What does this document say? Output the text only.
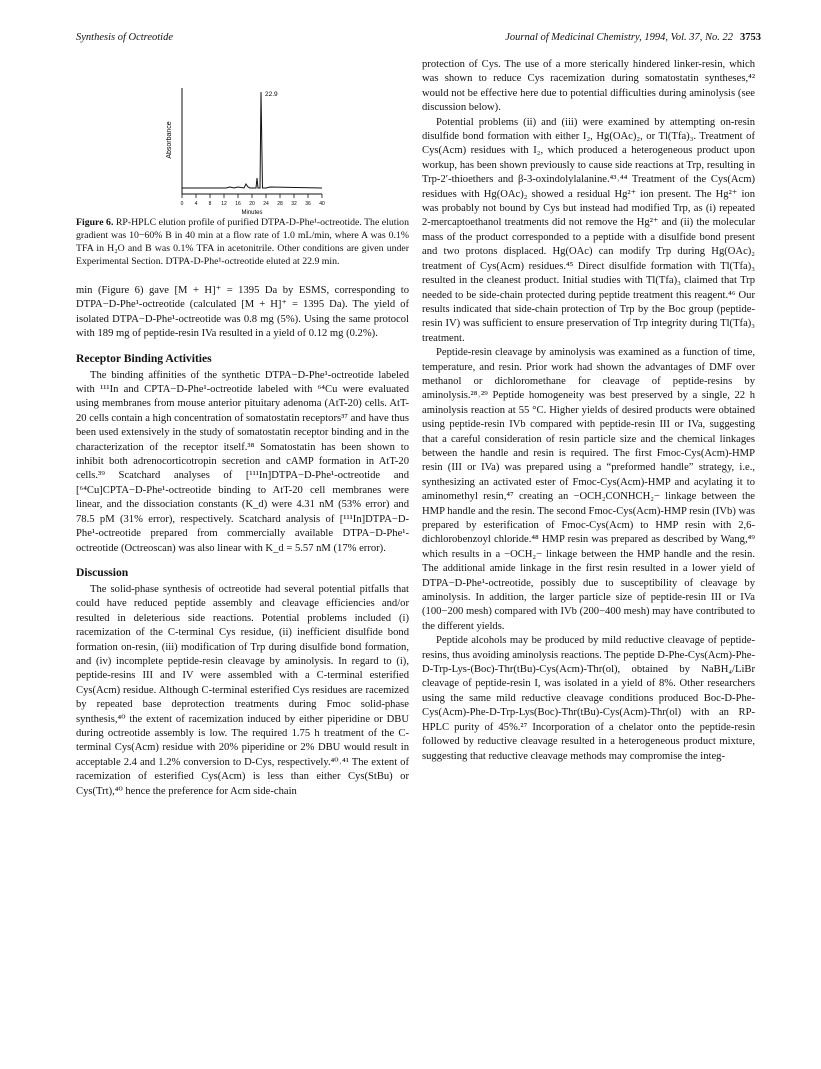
Synthesis of Octreotide	Journal of Medicinal Chemistry, 1994, Vol. 37, No. 22 3753
Absorbance
0 4 8 12 16 20 24 28 32 36 40
Minutes
22.9
Figure 6. RP-HPLC elution profile of purified DTPA-D-Phe¹-octreotide. The elution gradient was 10−60% B in 40 min at a flow rate of 1.0 mL/min, where A was 0.1% TFA in H₂O and B was 0.1% TFA in acetonitrile. Other conditions are given under Experimental Section. DTPA-D-Phe¹-octreotide eluted at 22.9 min.

min (Figure 6) gave [M + H]⁺ = 1395 Da by ESMS, corresponding to DTPA−D-Phe¹-octreotide (calculated [M + H]⁺ = 1395 Da). The yield of isolated DTPA−D-Phe¹-octreotide was 0.8 mg (5%). Using the same protocol with 189 mg of peptide-resin IVa resulted in a yield of 0.12 mg (0.2%).

Receptor Binding Activities

The binding affinities of the synthetic DTPA−D-Phe¹-octreotide labeled with ¹¹¹In and CPTA−D-Phe¹-octreotide labeled with ⁶⁴Cu were evaluated using membranes from mouse anterior pituitary adenoma (AtT-20) cells. AtT-20 cells contain a high concentration of somatostatin receptors³⁷ and have thus been used extensively in the study of somatostatin receptor binding and in the characterization of the receptor itself.³⁸ Somatostatin has been shown to inhibit both adrenocorticotropin secretion and cAMP formation in AtT-20 cells.³⁹ Scatchard analyses of [¹¹¹In]DTPA−D-Phe¹-octreotide and [⁶⁴Cu]CPTA−D-Phe¹-octreotide binding to AtT-20 cell membranes were linear, and the dissociation constants (K_d) were 4.31 nM (53% error) and 78.5 pM (31% error), respectively. Scatchard analysis of [¹¹¹In]DTPA−D-Phe¹-octreotide prepared from commercially available DTPA−D-Phe¹-octreotide (Octreoscan) was also linear with K_d = 5.57 nM (17% error).

Discussion

The solid-phase synthesis of octreotide had several potential pitfalls that could have reduced peptide assembly and cleavage efficiencies and/or resulted in deleterious side reactions. Potential problems included (i) racemization of the C-terminal Cys residue, (ii) inefficient disulfide bond formation on-resin, (iii) modification of Trp during disulfide bond formation, and (iv) incomplete peptide-resin cleavage by aminolysis. In regard to (i), peptide-resins III and IV were assembled with a C-terminal esterified Cys(Acm) residue. Although C-terminal esterified Cys residues are racemized by repeated base deprotection treatments during Fmoc solid-phase synthesis,⁴⁰ the extent of racemization induced by either piperidine or DBU during octreotide assembly is low. The required 1.75 h treatment of the C-terminal Cys(Acm) residue with 20% piperidine or 2% DBU would result in acceptable 2.4 and 1.2% conversion to D-Cys, respectively.⁴⁰˒⁴¹ The extent of racemization of esterified Cys(Acm) is less than either Cys(StBu) or Cys(Trt),⁴⁰ hence the preference for Acm side-chain

protection of Cys. The use of a more sterically hindered linker-resin, which was shown to reduce Cys racemization during somatostatin syntheses,⁴² would not be effective here due to potential difficulties during aminolysis (see discussion below).

Potential problems (ii) and (iii) were examined by attempting on-resin disulfide bond formation with either I₂, Hg(OAc)₂, or Tl(Tfa)₃. Treatment of Cys(Acm) residues with I₂, which produced a heterogeneous product upon workup, has been shown previously to cause side reactions at Trp, resulting in Trp-2′-thioethers and β-3-oxindolylalanine.⁴³˒⁴⁴ Treatment of the Cys(Acm) residues with Hg(OAc)₂ showed a residual Hg²⁺ ion present. The Hg²⁺ ion was probably not bound by Cys but instead had modified Trp, as (i) repeated 2-mercaptoethanol treatments did not remove the Hg²⁺ and (ii) the molecular mass of the product corresponded to a peptide with a disulfide bond present and two protons displaced. Hg(OAc) can modify Trp during Hg(OAc)₂ treatment of Cys(Acm) residues.⁴⁵ Direct disulfide formation with Tl(Tfa)₃ resulted in the cleanest product. Initial studies with Tl(Tfa)₃ claimed that Trp needed to be side-chain protected during peptide treatment this reagent.⁴⁶ Our results indicated that side-chain protection of Trp by the Boc group (peptide-resin IV) was sufficient to ensure preservation of Trp integrity during Tl(Tfa)₃ treatment.

Peptide-resin cleavage by aminolysis was examined as a function of time, temperature, and resin. Prior work had shown the advantages of DMF over methanol or dichloromethane for cleavage of peptide-resins by aminolysis.²⁸˒²⁹ Peptide homogeneity was best preserved by a single, 22 h aminolysis reaction at 55 °C. Higher yields of desired products were obtained using peptide-resin IVb compared with peptide-resin III or IVa, suggesting that a careful consideration of resin particle size and the chemical linkages between the handle and resin is required. The first Fmoc-Cys(Acm)-HMP resin (III or IVa) was prepared using a “preformed handle” strategy, i.e., synthesizing an activated ester of Fmoc-Cys(Acm)-HMP and acylating it to aminomethyl resin,⁴⁷ creating an −OCH₂CONHCH₂− linkage between the HMP handle and the resin. The second Fmoc-Cys(Acm)-HMP resin (IVb) was prepared by esterification of Fmoc-Cys(Acm) to HMP resin with 2,6-dichlorobenzoyl chloride.⁴⁸ HMP resin was prepared as described by Wang,⁴⁹ which results in a −OCH₂− linkage between the HMP handle and the resin. The additional amide linkage in the first resin resulted in a lower yield of DTPA−D-Phe¹-octreotide, possibly due to susceptibility of cleavage by aminolysis. In addition, the larger particle size of peptide-resin III or IVa (100−200 mesh) compared with IVb (200−400 mesh) may have contributed to the different yields.

Peptide alcohols may be produced by mild reductive cleavage of peptide-resins, thus avoiding aminolysis reactions. The peptide D-Phe-Cys(Acm)-Phe-D-Trp-Lys-(Boc)-Thr(tBu)-Cys(Acm)-Thr(ol), obtained by NaBH₄/LiBr cleavage of peptide-resin I, was isolated in a yield of 8%. Other researchers using the same mild reductive cleavage conditions produced Boc-D-Phe-Cys(Acm)-Phe-D-Trp-Lys(Boc)-Thr(tBu)-Cys(Acm)-Thr(ol) with an RP-HPLC purity of 45%.²⁷ Incorporation of a chelator onto the peptide-resin followed by reductive cleavage resulted in a heterogeneous product mixture, suggesting that reductive cleavage methods may compromise the integ-
